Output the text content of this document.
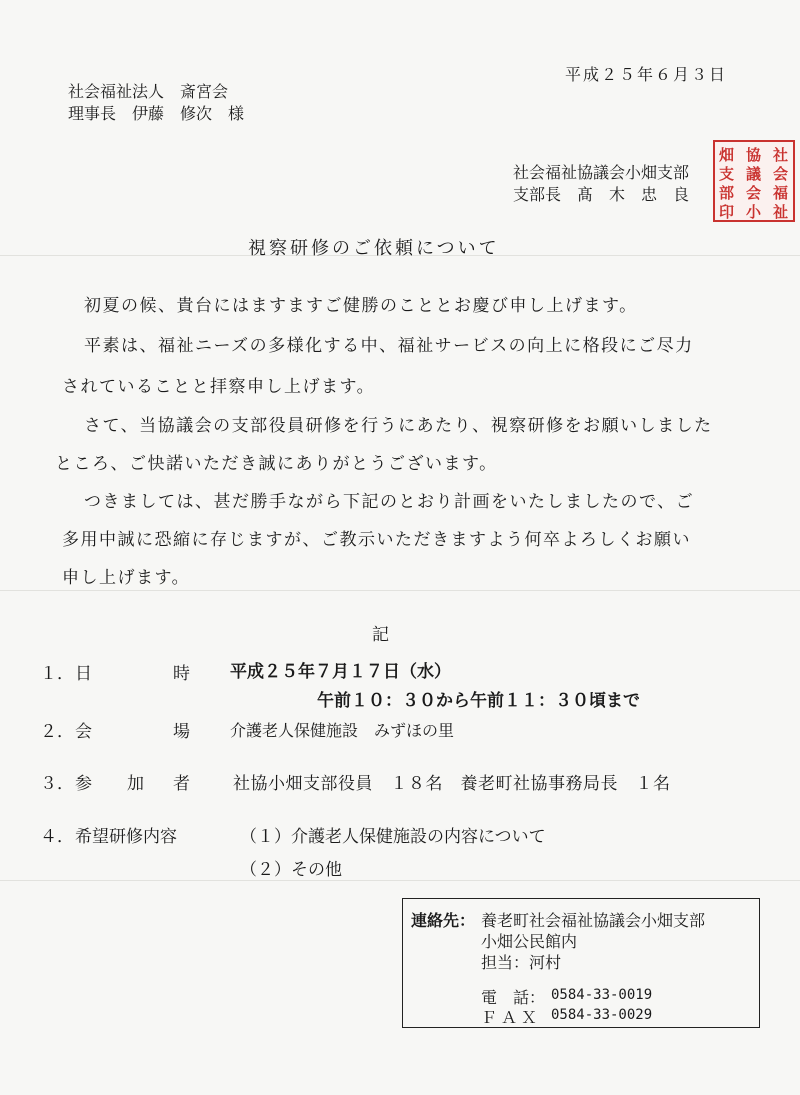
平成２５年６月３日
社会福祉法人　斎宮会
理事長　伊藤　修次　様
社会福祉協議会小畑支部
支部長　髙　木　忠　良
社
会
福
祉
協
議
会
小
畑
支
部
印
視察研修のご依頼について
初夏の候、貴台にはますますご健勝のこととお慶び申し上げます。
平素は、福祉ニーズの多様化する中、福祉サービスの向上に格段にご尽力
されていることと拝察申し上げます。
さて、当協議会の支部役員研修を行うにあたり、視察研修をお願いしました
ところ、ご快諾いただき誠にありがとうございます。
つきましては、甚だ勝手ながら下記のとおり計画をいたしましたので、ご
多用中誠に恐縮に存じますが、ご教示いただきますよう何卒よろしくお願い
申し上げます。
記
１． 日	時 平成２５年７月１７日（水）
午前１０：３０から午前１１：３０頃まで
２． 会	場	介護老人保健施設　みずほの里
３． 参 加 者	社協小畑支部役員　１８名　養老町社協事務局長　１名
４． 希望研修内容	（１）介護老人保健施設の内容について
（２）その他
連絡先： 養老町社会福祉協議会小畑支部
小畑公民館内
担当：河村
電　話： 0584-33-0019
ＦＡＸ 0584-33-0029
